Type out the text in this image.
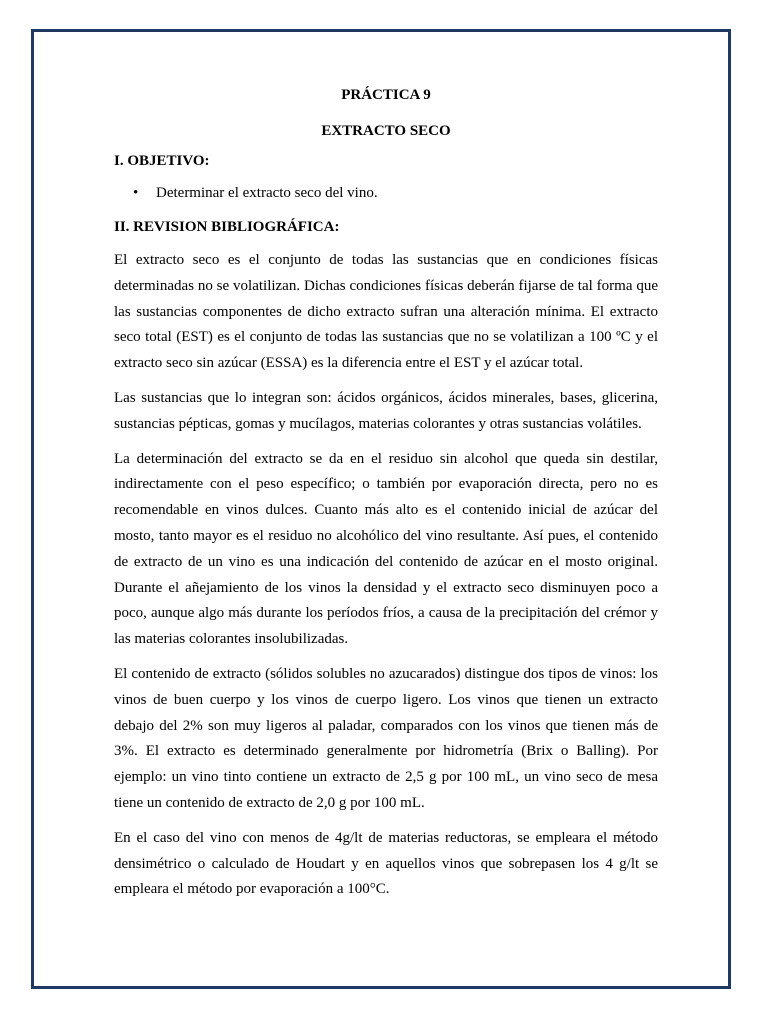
PRÁCTICA 9
EXTRACTO SECO
I. OBJETIVO:
• Determinar el extracto seco del vino.
II. REVISION BIBLIOGRÁFICA:

El extracto seco es el conjunto de todas las sustancias que en condiciones físicas determinadas no se volatilizan. Dichas condiciones físicas deberán fijarse de tal forma que las sustancias componentes de dicho extracto sufran una alteración mínima. El extracto seco total (EST) es el conjunto de todas las sustancias que no se volatilizan a 100 ºC y el extracto seco sin azúcar (ESSA) es la diferencia entre el EST y el azúcar total.

Las sustancias que lo integran son: ácidos orgánicos, ácidos minerales, bases, glicerina, sustancias pépticas, gomas y mucílagos, materias colorantes y otras sustancias volátiles.

La determinación del extracto se da en el residuo sin alcohol que queda sin destilar, indirectamente con el peso específico; o también por evaporación directa, pero no es recomendable en vinos dulces. Cuanto más alto es el contenido inicial de azúcar del mosto, tanto mayor es el residuo no alcohólico del vino resultante. Así pues, el contenido de extracto de un vino es una indicación del contenido de azúcar en el mosto original. Durante el añejamiento de los vinos la densidad y el extracto seco disminuyen poco a poco, aunque algo más durante los períodos fríos, a causa de la precipitación del crémor y las materias colorantes insolubilizadas.

El contenido de extracto (sólidos solubles no azucarados) distingue dos tipos de vinos: los vinos de buen cuerpo y los vinos de cuerpo ligero. Los vinos que tienen un extracto debajo del 2% son muy ligeros al paladar, comparados con los vinos que tienen más de 3%. El extracto es determinado generalmente por hidrometría (Brix o Balling). Por ejemplo: un vino tinto contiene un extracto de 2,5 g por 100 mL, un vino seco de mesa tiene un contenido de extracto de 2,0 g por 100 mL.

En el caso del vino con menos de 4g/lt de materias reductoras, se empleara el método densimétrico o calculado de Houdart y en aquellos vinos que sobrepasen los 4 g/lt se empleara el método por evaporación a 100°C.
